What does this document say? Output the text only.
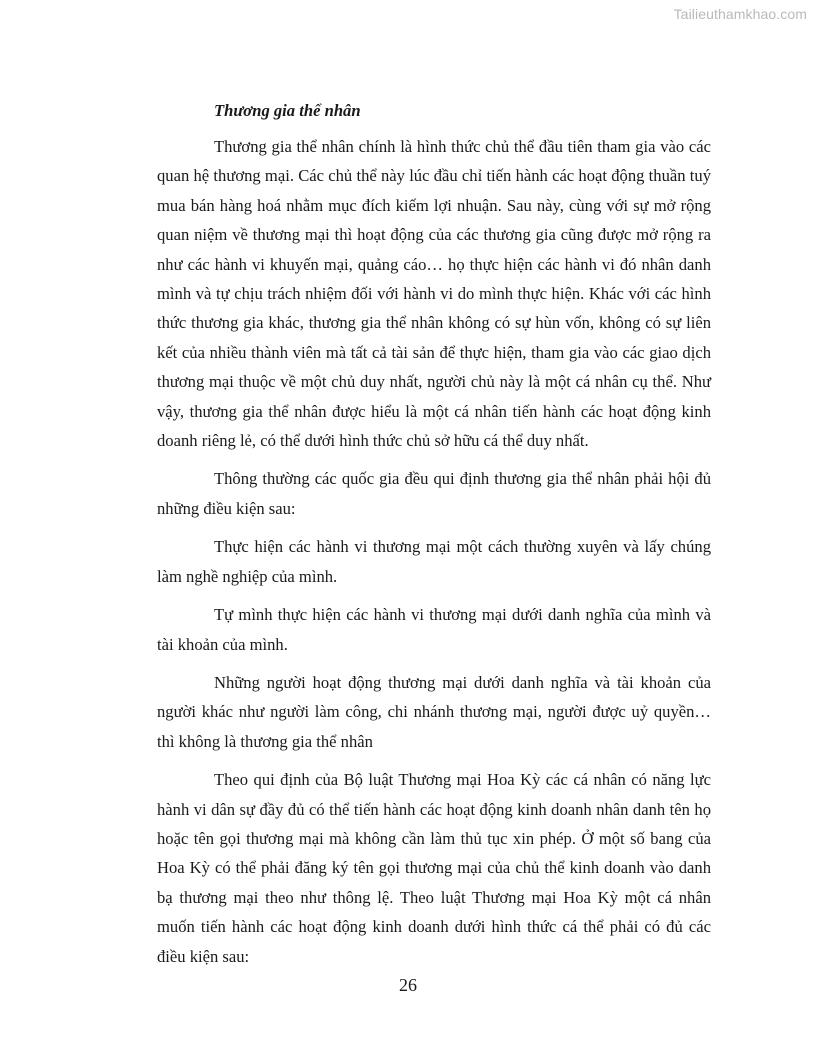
Tailieuthamkhao.com

Thương gia thể nhân

Thương gia thể nhân chính là hình thức chủ thể đầu tiên tham gia vào các quan hệ thương mại. Các chủ thể này lúc đầu chỉ tiến hành các hoạt động thuần tuý mua bán hàng hoá nhằm mục đích kiếm lợi nhuận. Sau này, cùng với sự mở rộng quan niệm về thương mại thì hoạt động của các thương gia cũng được mở rộng ra như các hành vi khuyến mại, quảng cáo… họ thực hiện các hành vi đó nhân danh mình và tự chịu trách nhiệm đối với hành vi do mình thực hiện. Khác với các hình thức thương gia khác, thương gia thể nhân không có sự hùn vốn, không có sự liên kết của nhiều thành viên mà tất cả tài sản để thực hiện, tham gia vào các giao dịch thương mại thuộc về một chủ duy nhất, người chủ này là một cá nhân cụ thể. Như vậy, thương gia thể nhân được hiểu là một cá nhân tiến hành các hoạt động kinh doanh riêng lẻ, có thể dưới hình thức chủ sở hữu cá thể duy nhất.

Thông thường các quốc gia đều qui định thương gia thể nhân phải hội đủ những điều kiện sau:

Thực hiện các hành vi thương mại một cách thường xuyên và lấy chúng làm nghề nghiệp của mình.

Tự mình thực hiện các hành vi thương mại dưới danh nghĩa của mình và tài khoản của mình.

Những người hoạt động thương mại dưới danh nghĩa và tài khoản của người khác như người làm công, chi nhánh thương mại, người được uỷ quyền… thì không là thương gia thể nhân

Theo qui định của Bộ luật Thương mại Hoa Kỳ các cá nhân có năng lực hành vi dân sự đầy đủ có thể tiến hành các hoạt động kinh doanh nhân danh tên họ hoặc tên gọi thương mại mà không cần làm thủ tục xin phép. Ở một số bang của Hoa Kỳ có thể phải đăng ký tên gọi thương mại của chủ thể kinh doanh vào danh bạ thương mại theo như thông lệ. Theo luật Thương mại Hoa Kỳ một cá nhân muốn tiến hành các hoạt động kinh doanh dưới hình thức cá thể phải có đủ các điều kiện sau:

26
